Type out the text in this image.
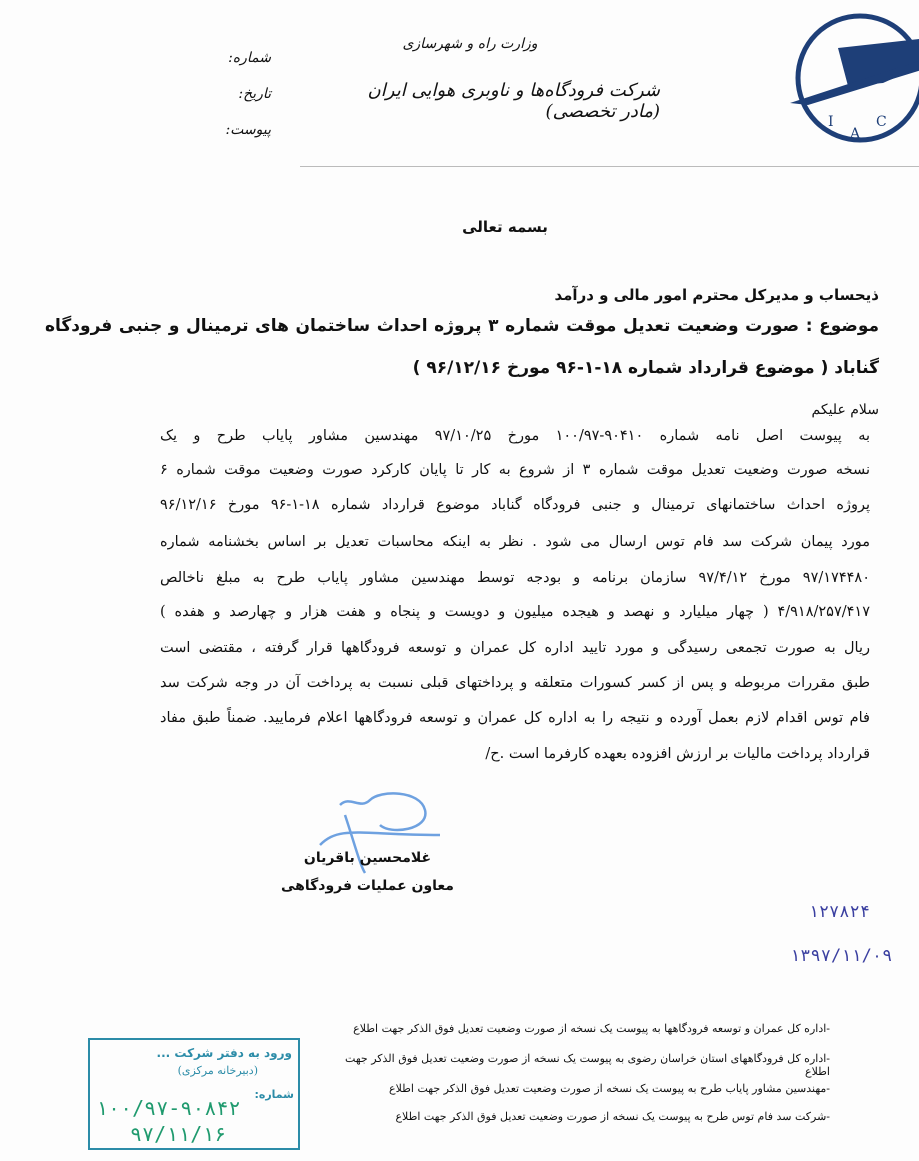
I
A
C
وزارت راه و شهرسازی
شرکت فرودگاه‌ها و ناوبری هوایی ایران (مادر تخصصی)
شماره:
تاریخ:
پیوست:
بسمه تعالی
ذیحساب و مدیرکل محترم امور مالی و درآمد
موضوع : صورت وضعیت تعدیل موقت شماره ۳ پروژه احداث ساختمان های ترمینال و جنبی فرودگاه
گناباد ( موضوع قرارداد شماره ۱۸-۱-۹۶ مورخ ۹۶/۱۲/۱۶ )
سلام علیکم
به پیوست اصل نامه شماره ۹۰۴۱۰-۱۰۰/۹۷ مورخ ۹۷/۱۰/۲۵ مهندسین مشاور پایاب طرح و یک
نسخه صورت وضعیت تعدیل موقت شماره ۳ از شروع به کار تا پایان کارکرد صورت وضعیت موقت شماره ۶
پروژه احداث ساختمانهای ترمینال و جنبی فرودگاه گناباد موضوع قرارداد شماره ۱۸-۱-۹۶ مورخ ۹۶/۱۲/۱۶
مورد پیمان شرکت سد فام توس ارسال می شود . نظر به اینکه محاسبات تعدیل بر اساس بخشنامه شماره
۹۷/۱۷۴۴۸۰ مورخ ۹۷/۴/۱۲ سازمان برنامه و بودجه توسط مهندسین مشاور پایاب طرح به مبلغ ناخالص
۴/۹۱۸/۲۵۷/۴۱۷ ( چهار میلیارد و نهصد و هیجده میلیون و دویست و پنجاه و هفت هزار و چهارصد و هفده )
ریال به صورت تجمعی رسیدگی و مورد تایید اداره کل عمران و توسعه فرودگاهها قرار گرفته ، مقتضی است
طبق مقررات مربوطه و پس از کسر کسورات متعلقه و پرداختهای قبلی نسبت به پرداخت آن در وجه شرکت سد
فام توس اقدام لازم بعمل آورده و نتیجه را به اداره کل عمران و توسعه فرودگاهها اعلام فرمایید. ضمناً طبق مفاد
قرارداد پرداخت مالیات بر ارزش افزوده بعهده کارفرما است .ح/
غلامحسین باقریان
معاون عملیات فرودگاهی
۱۲۷۸۲۴
۱۳۹۷/۱۱/۰۹
ورود به دفتر شرکت ...
(دبیرخانه مرکزی)
شماره:
۱۰۰/۹۷-۹۰۸۴۲
۹۷/۱۱/۱۶
-اداره کل عمران و توسعه فرودگاهها به پیوست یک نسخه از صورت وضعیت تعدیل فوق الذکر جهت اطلاع
-اداره کل فرودگاههای استان خراسان رضوی به پیوست یک نسخه از صورت وضعیت تعدیل فوق الذکر جهت اطلاع
-مهندسین مشاور پایاب طرح به پیوست یک نسخه از صورت وضعیت تعدیل فوق الذکر جهت اطلاع
-شرکت سد فام توس طرح به پیوست یک نسخه از صورت وضعیت تعدیل فوق الذکر جهت اطلاع
